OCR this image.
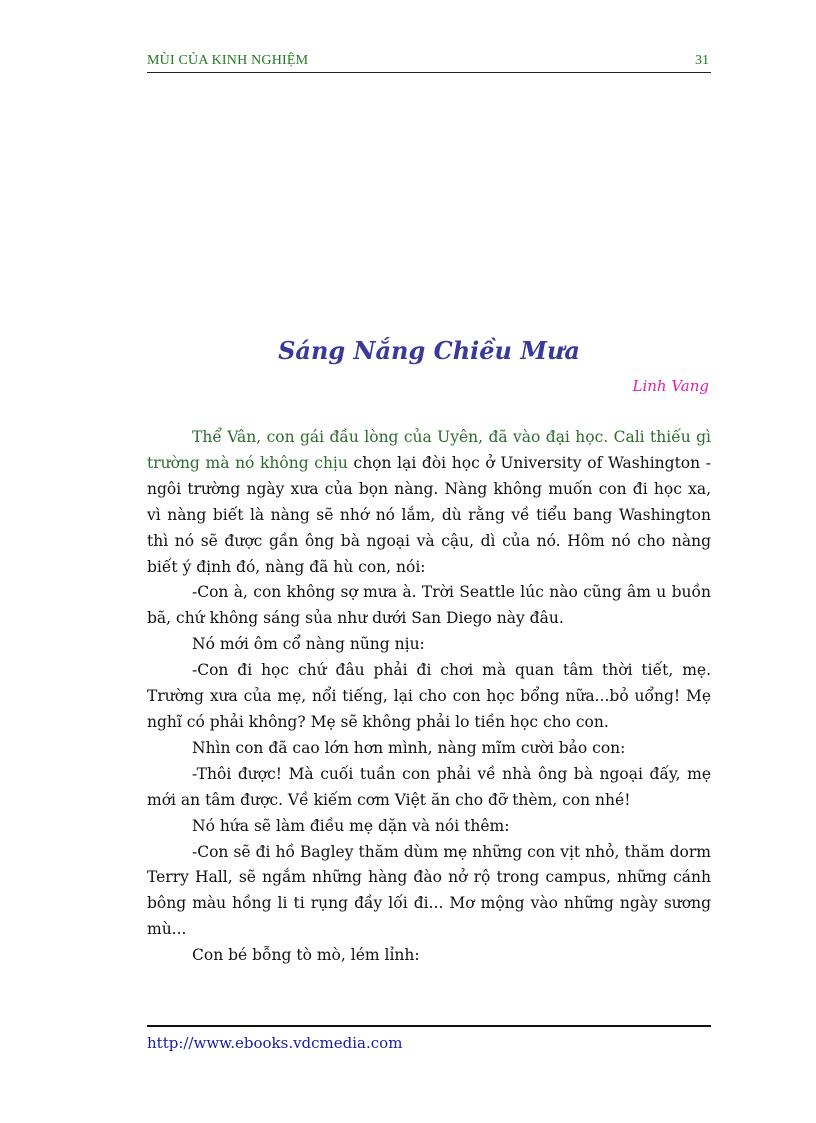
MÙI CỦA KINH NGHIỆM	31
Sáng Nắng Chiều Mưa
Linh Vang

Thể Vân, con gái đầu lòng của Uyên, đã vào đại học. Cali thiếu gì trường mà nó không chịu chọn lại đòi học ở University of Washington -ngôi trường ngày xưa của bọn nàng. Nàng không muốn con đi học xa, vì nàng biết là nàng sẽ nhớ nó lắm, dù rằng về tiểu bang Washington thì nó sẽ được gần ông bà ngoại và cậu, dì của nó. Hôm nó cho nàng biết ý định đó, nàng đã hù con, nói:

-Con à, con không sợ mưa à. Trời Seattle lúc nào cũng âm u buồn bã, chứ không sáng sủa như dưới San Diego này đâu.

Nó mới ôm cổ nàng nũng nịu:

-Con đi học chứ đâu phải đi chơi mà quan tâm thời tiết, mẹ. Trường xưa của mẹ, nổi tiếng, lại cho con học bổng nữa...bỏ uổng! Mẹ nghĩ có phải không? Mẹ sẽ không phải lo tiền học cho con.

Nhìn con đã cao lớn hơn mình, nàng mĩm cười bảo con:

-Thôi được! Mà cuối tuần con phải về nhà ông bà ngoại đấy, mẹ mới an tâm được. Về kiếm cơm Việt ăn cho đỡ thèm, con nhé!

Nó hứa sẽ làm điều mẹ dặn và nói thêm:

-Con sẽ đi hồ Bagley thăm dùm mẹ những con vịt nhỏ, thăm dorm Terry Hall, sẽ ngắm những hàng đào nở rộ trong campus, những cánh bông màu hồng li ti rụng đầy lối đi... Mơ mộng vào những ngày sương mù...

Con bé bỗng tò mò, lém lỉnh:

http://www.ebooks.vdcmedia.com
